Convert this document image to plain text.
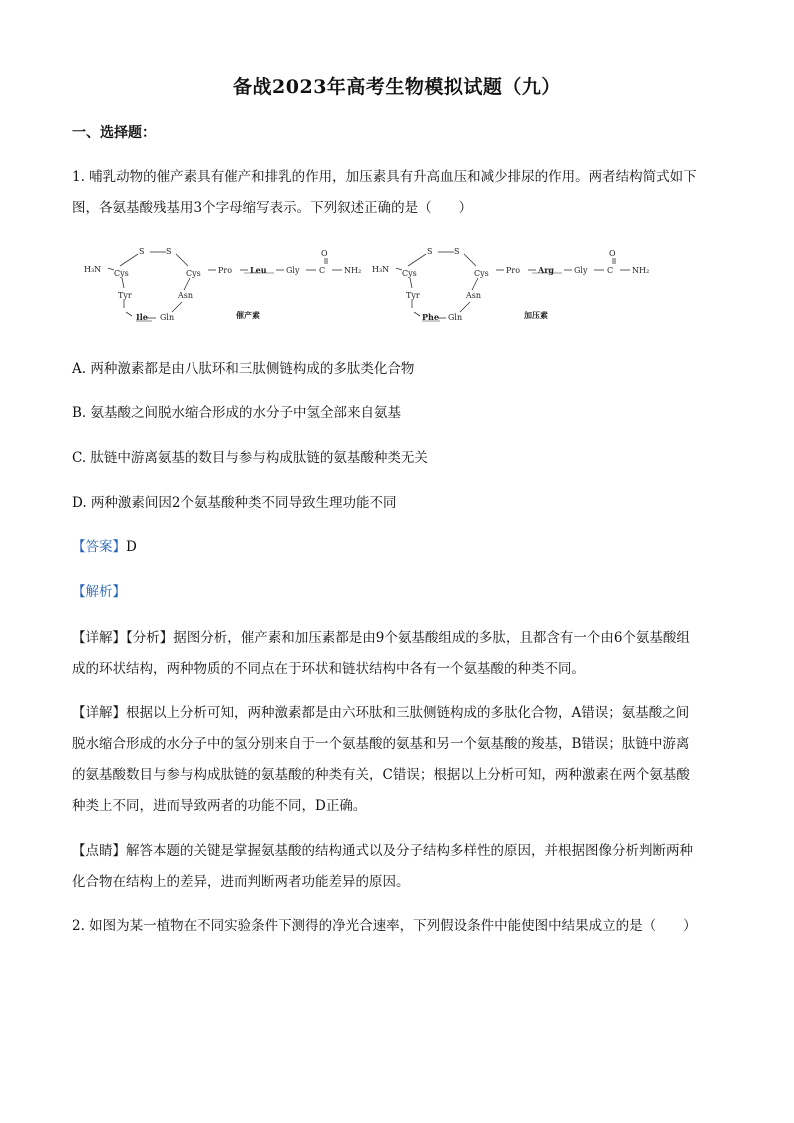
备战2023年高考生物模拟试题（九）
一、选择题：
1. 哺乳动物的催产素具有催产和排乳的作用，加压素具有升高血压和减少排尿的作用。两者结构简式如下
图，各氨基酸残基用3个字母缩写表示。下列叙述正确的是（　　）
H₃N Cys
S	S
Cys Pro Leu Gly C
O
NH₂
Tyr	Asn
Ile Gln	催产素
H₃N Cys
S	S
Cys Pro Arg Gly C
O
NH₂
Tyr	Asn
Phe Gln	加压素
A. 两种激素都是由八肽环和三肽侧链构成的多肽类化合物
B. 氨基酸之间脱水缩合形成的水分子中氢全部来自氨基
C. 肽链中游离氨基的数目与参与构成肽链的氨基酸种类无关
D. 两种激素间因2个氨基酸种类不同导致生理功能不同
【答案】D
【解析】
【详解】【分析】据图分析，催产素和加压素都是由9个氨基酸组成的多肽，且都含有一个由6个氨基酸组
成的环状结构，两种物质的不同点在于环状和链状结构中各有一个氨基酸的种类不同。
【详解】根据以上分析可知，两种激素都是由六环肽和三肽侧链构成的多肽化合物，A错误；氨基酸之间
脱水缩合形成的水分子中的氢分别来自于一个氨基酸的氨基和另一个氨基酸的羧基，B错误；肽链中游离
的氨基酸数目与参与构成肽链的氨基酸的种类有关，C错误；根据以上分析可知，两种激素在两个氨基酸
种类上不同，进而导致两者的功能不同，D正确。
【点睛】解答本题的关键是掌握氨基酸的结构通式以及分子结构多样性的原因，并根据图像分析判断两种
化合物在结构上的差异，进而判断两者功能差异的原因。
2. 如图为某一植物在不同实验条件下测得的净光合速率，下列假设条件中能使图中结果成立的是（　　）
